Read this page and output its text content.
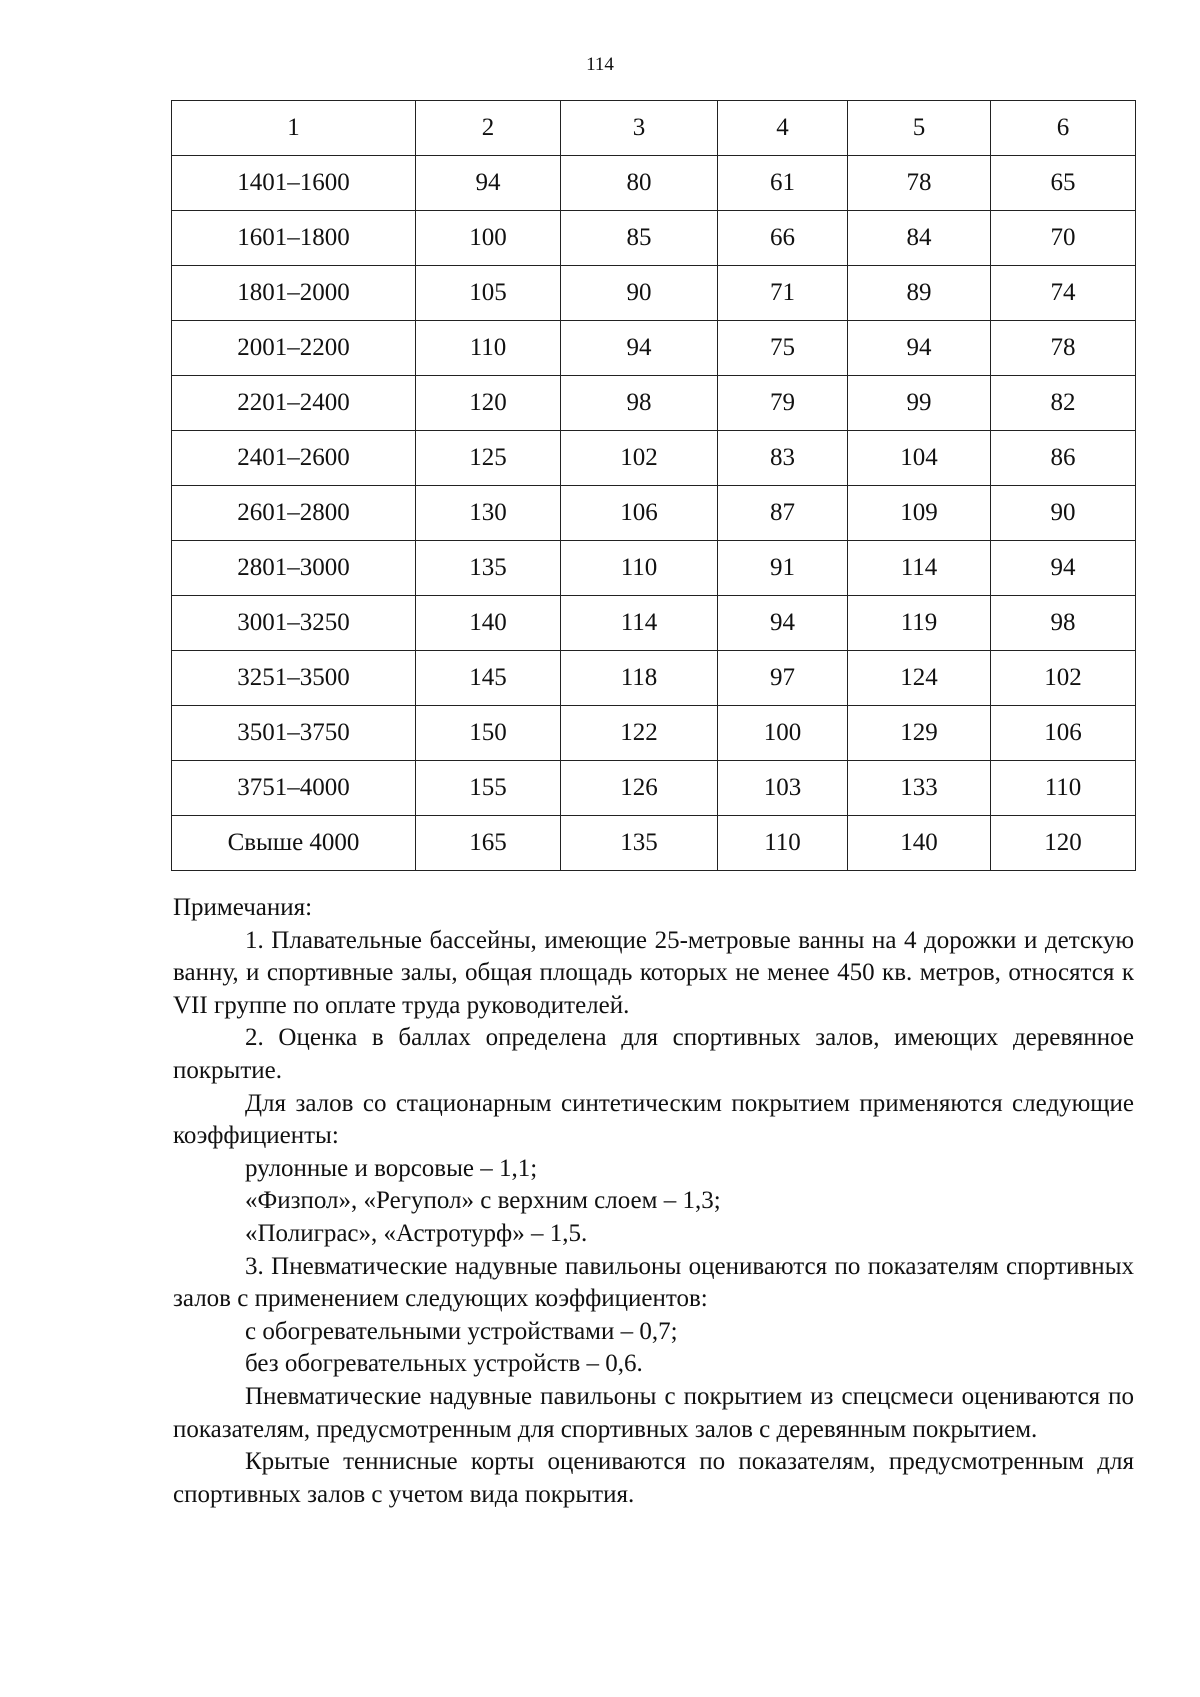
114
1	2	3	4	5	6
1401–1600	94	80	61	78	65
1601–1800	100	85	66	84	70
1801–2000	105	90	71	89	74
2001–2200	110	94	75	94	78
2201–2400	120	98	79	99	82
2401–2600	125	102	83	104	86
2601–2800	130	106	87	109	90
2801–3000	135	110	91	114	94
3001–3250	140	114	94	119	98
3251–3500	145	118	97	124	102
3501–3750	150	122	100	129	106
3751–4000	155	126	103	133	110
Свыше 4000	165	135	110	140	120

Примечания:

1. Плавательные бассейны, имеющие 25-метровые ванны на 4 дорожки и детскую ванну, и спортивные залы, общая площадь которых не менее 450 кв. метров, относятся к VII группе по оплате труда руководителей.

2. Оценка в баллах определена для спортивных залов, имеющих деревянное покрытие.

Для залов со стационарным синтетическим покрытием применяются следующие коэффициенты:

рулонные и ворсовые – 1,1;

«Физпол», «Регупол» с верхним слоем – 1,3;

«Полиграс», «Астротурф» – 1,5.

3. Пневматические надувные павильоны оцениваются по показателям спортивных залов с применением следующих коэффициентов:

с обогревательными устройствами – 0,7;

без обогревательных устройств – 0,6.

Пневматические надувные павильоны с покрытием из спецсмеси оцениваются по показателям, предусмотренным для спортивных залов с деревянным покрытием.

Крытые теннисные корты оцениваются по показателям, предусмотренным для спортивных залов с учетом вида покрытия.
